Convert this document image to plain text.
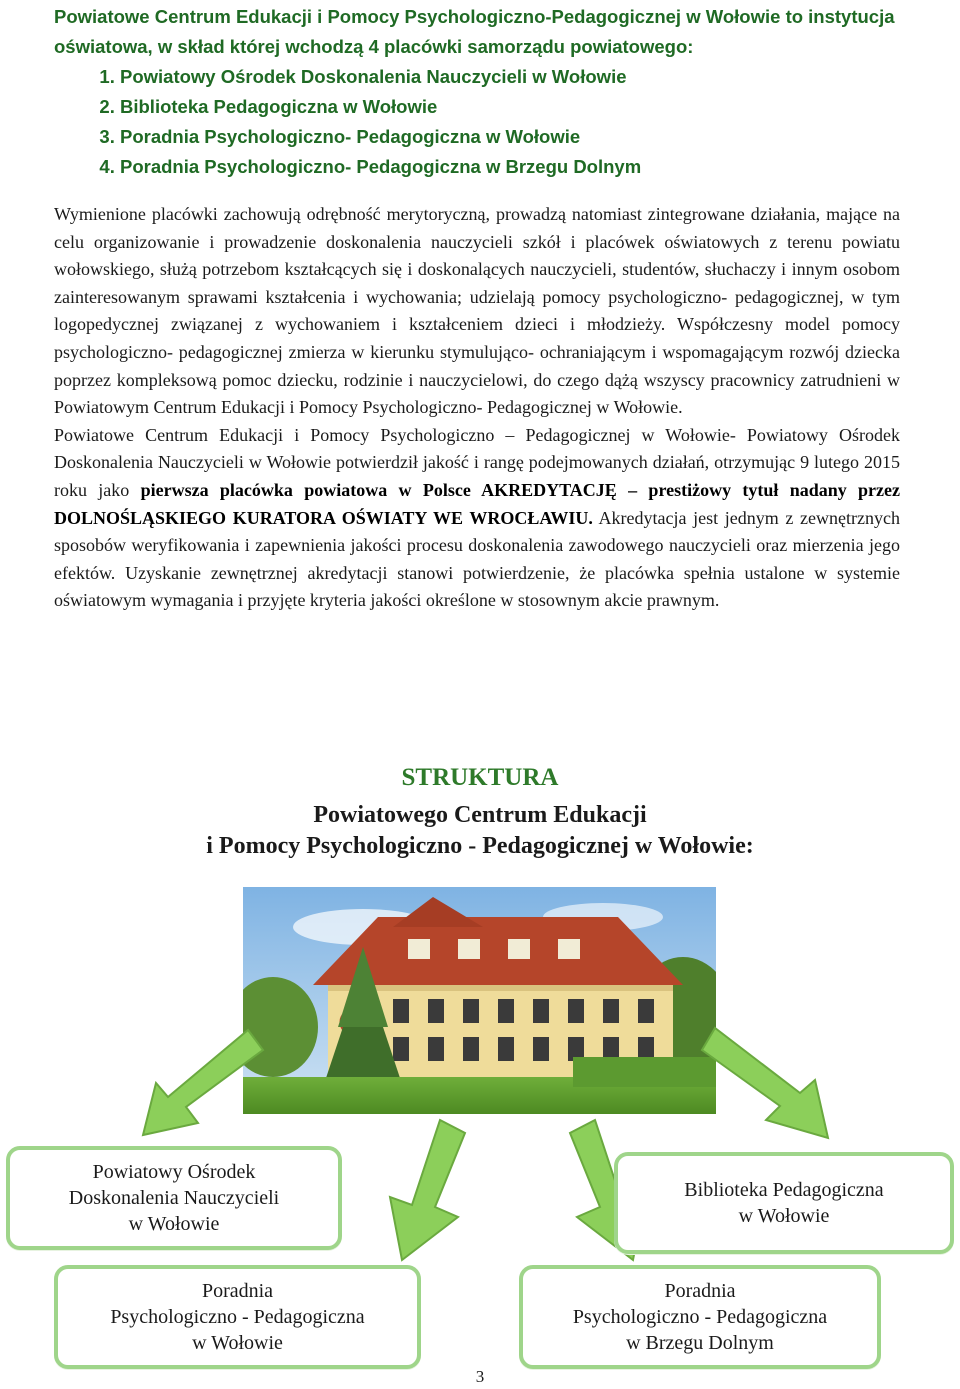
Powiatowe Centrum Edukacji i Pomocy Psychologiczno-Pedagogicznej w Wołowie to instytucja oświatowa, w skład której wchodzą 4 placówki samorządu powiatowego:

1. Powiatowy Ośrodek Doskonalenia Nauczycieli w Wołowie
2. Biblioteka Pedagogiczna w Wołowie
3. Poradnia Psychologiczno- Pedagogiczna w Wołowie
4. Poradnia Psychologiczno- Pedagogiczna w Brzegu Dolnym

Wymienione placówki zachowują odrębność merytoryczną, prowadzą natomiast zintegrowane działania, mające na celu organizowanie i prowadzenie doskonalenia nauczycieli szkół i placówek oświatowych z terenu powiatu wołowskiego, służą potrzebom kształcących się i doskonalących nauczycieli, studentów, słuchaczy i innym osobom zainteresowanym sprawami kształcenia i wychowania; udzielają pomocy psychologiczno- pedagogicznej, w tym logopedycznej związanej z wychowaniem i kształceniem dzieci i młodzieży. Współczesny model pomocy psychologiczno- pedagogicznej zmierza w kierunku stymulująco- ochraniającym i wspomagającym rozwój dziecka poprzez kompleksową pomoc dziecku, rodzinie i nauczycielowi, do czego dążą wszyscy pracownicy zatrudnieni w Powiatowym Centrum Edukacji i Pomocy Psychologiczno- Pedagogicznej w Wołowie.

Powiatowe Centrum Edukacji i Pomocy Psychologiczno – Pedagogicznej w Wołowie- Powiatowy Ośrodek Doskonalenia Nauczycieli w Wołowie potwierdził jakość i rangę podejmowanych działań, otrzymując 9 lutego 2015 roku jako pierwsza placówka powiatowa w Polsce AKREDYTACJĘ – prestiżowy tytuł nadany przez DOLNOŚLĄSKIEGO KURATORA OŚWIATY WE WROCŁAWIU. Akredytacja jest jednym z zewnętrznych sposobów weryfikowania i zapewnienia jakości procesu doskonalenia zawodowego nauczycieli oraz mierzenia jego efektów. Uzyskanie zewnętrznej akredytacji stanowi potwierdzenie, że placówka spełnia ustalone w systemie oświatowym wymagania i przyjęte kryteria jakości określone w stosownym akcie prawnym.

STRUKTURA
Powiatowego Centrum Edukacji
i Pomocy Psychologiczno - Pedagogicznej w Wołowie:
Powiatowy Ośrodek
Doskonalenia Nauczycieli
w Wołowie
Biblioteka Pedagogiczna
w Wołowie
Poradnia
Psychologiczno - Pedagogiczna
w Wołowie
Poradnia
Psychologiczno - Pedagogiczna
w Brzegu Dolnym
3
